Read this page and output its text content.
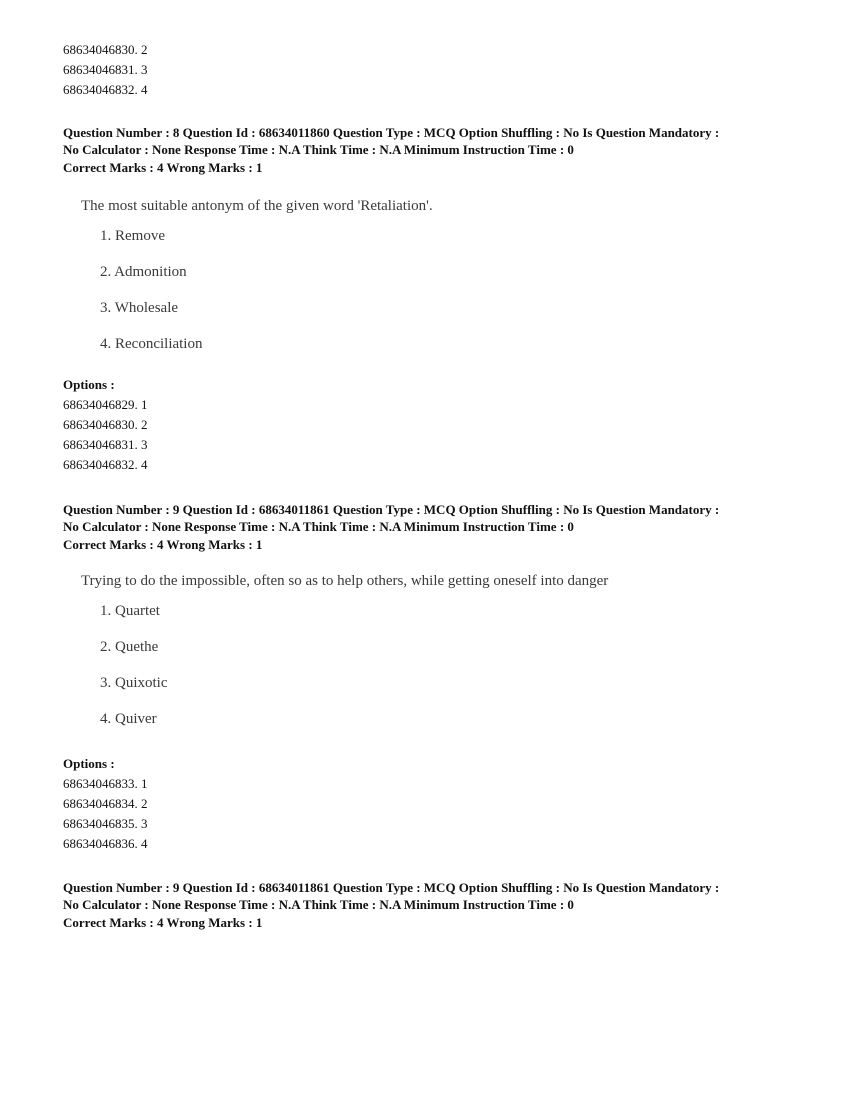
68634046830. 2
68634046831. 3
68634046832. 4
Question Number : 8 Question Id : 68634011860 Question Type : MCQ Option Shuffling : No Is Question Mandatory :
No Calculator : None Response Time : N.A Think Time : N.A Minimum Instruction Time : 0
Correct Marks : 4 Wrong Marks : 1
The most suitable antonym of the given word 'Retaliation'.
1. Remove
2. Admonition
3. Wholesale
4. Reconciliation
Options :
68634046829. 1
68634046830. 2
68634046831. 3
68634046832. 4
Question Number : 9 Question Id : 68634011861 Question Type : MCQ Option Shuffling : No Is Question Mandatory :
No Calculator : None Response Time : N.A Think Time : N.A Minimum Instruction Time : 0
Correct Marks : 4 Wrong Marks : 1
Trying to do the impossible, often so as to help others, while getting oneself into danger
1. Quartet
2. Quethe
3. Quixotic
4. Quiver
Options :
68634046833. 1
68634046834. 2
68634046835. 3
68634046836. 4
Question Number : 9 Question Id : 68634011861 Question Type : MCQ Option Shuffling : No Is Question Mandatory :
No Calculator : None Response Time : N.A Think Time : N.A Minimum Instruction Time : 0
Correct Marks : 4 Wrong Marks : 1
